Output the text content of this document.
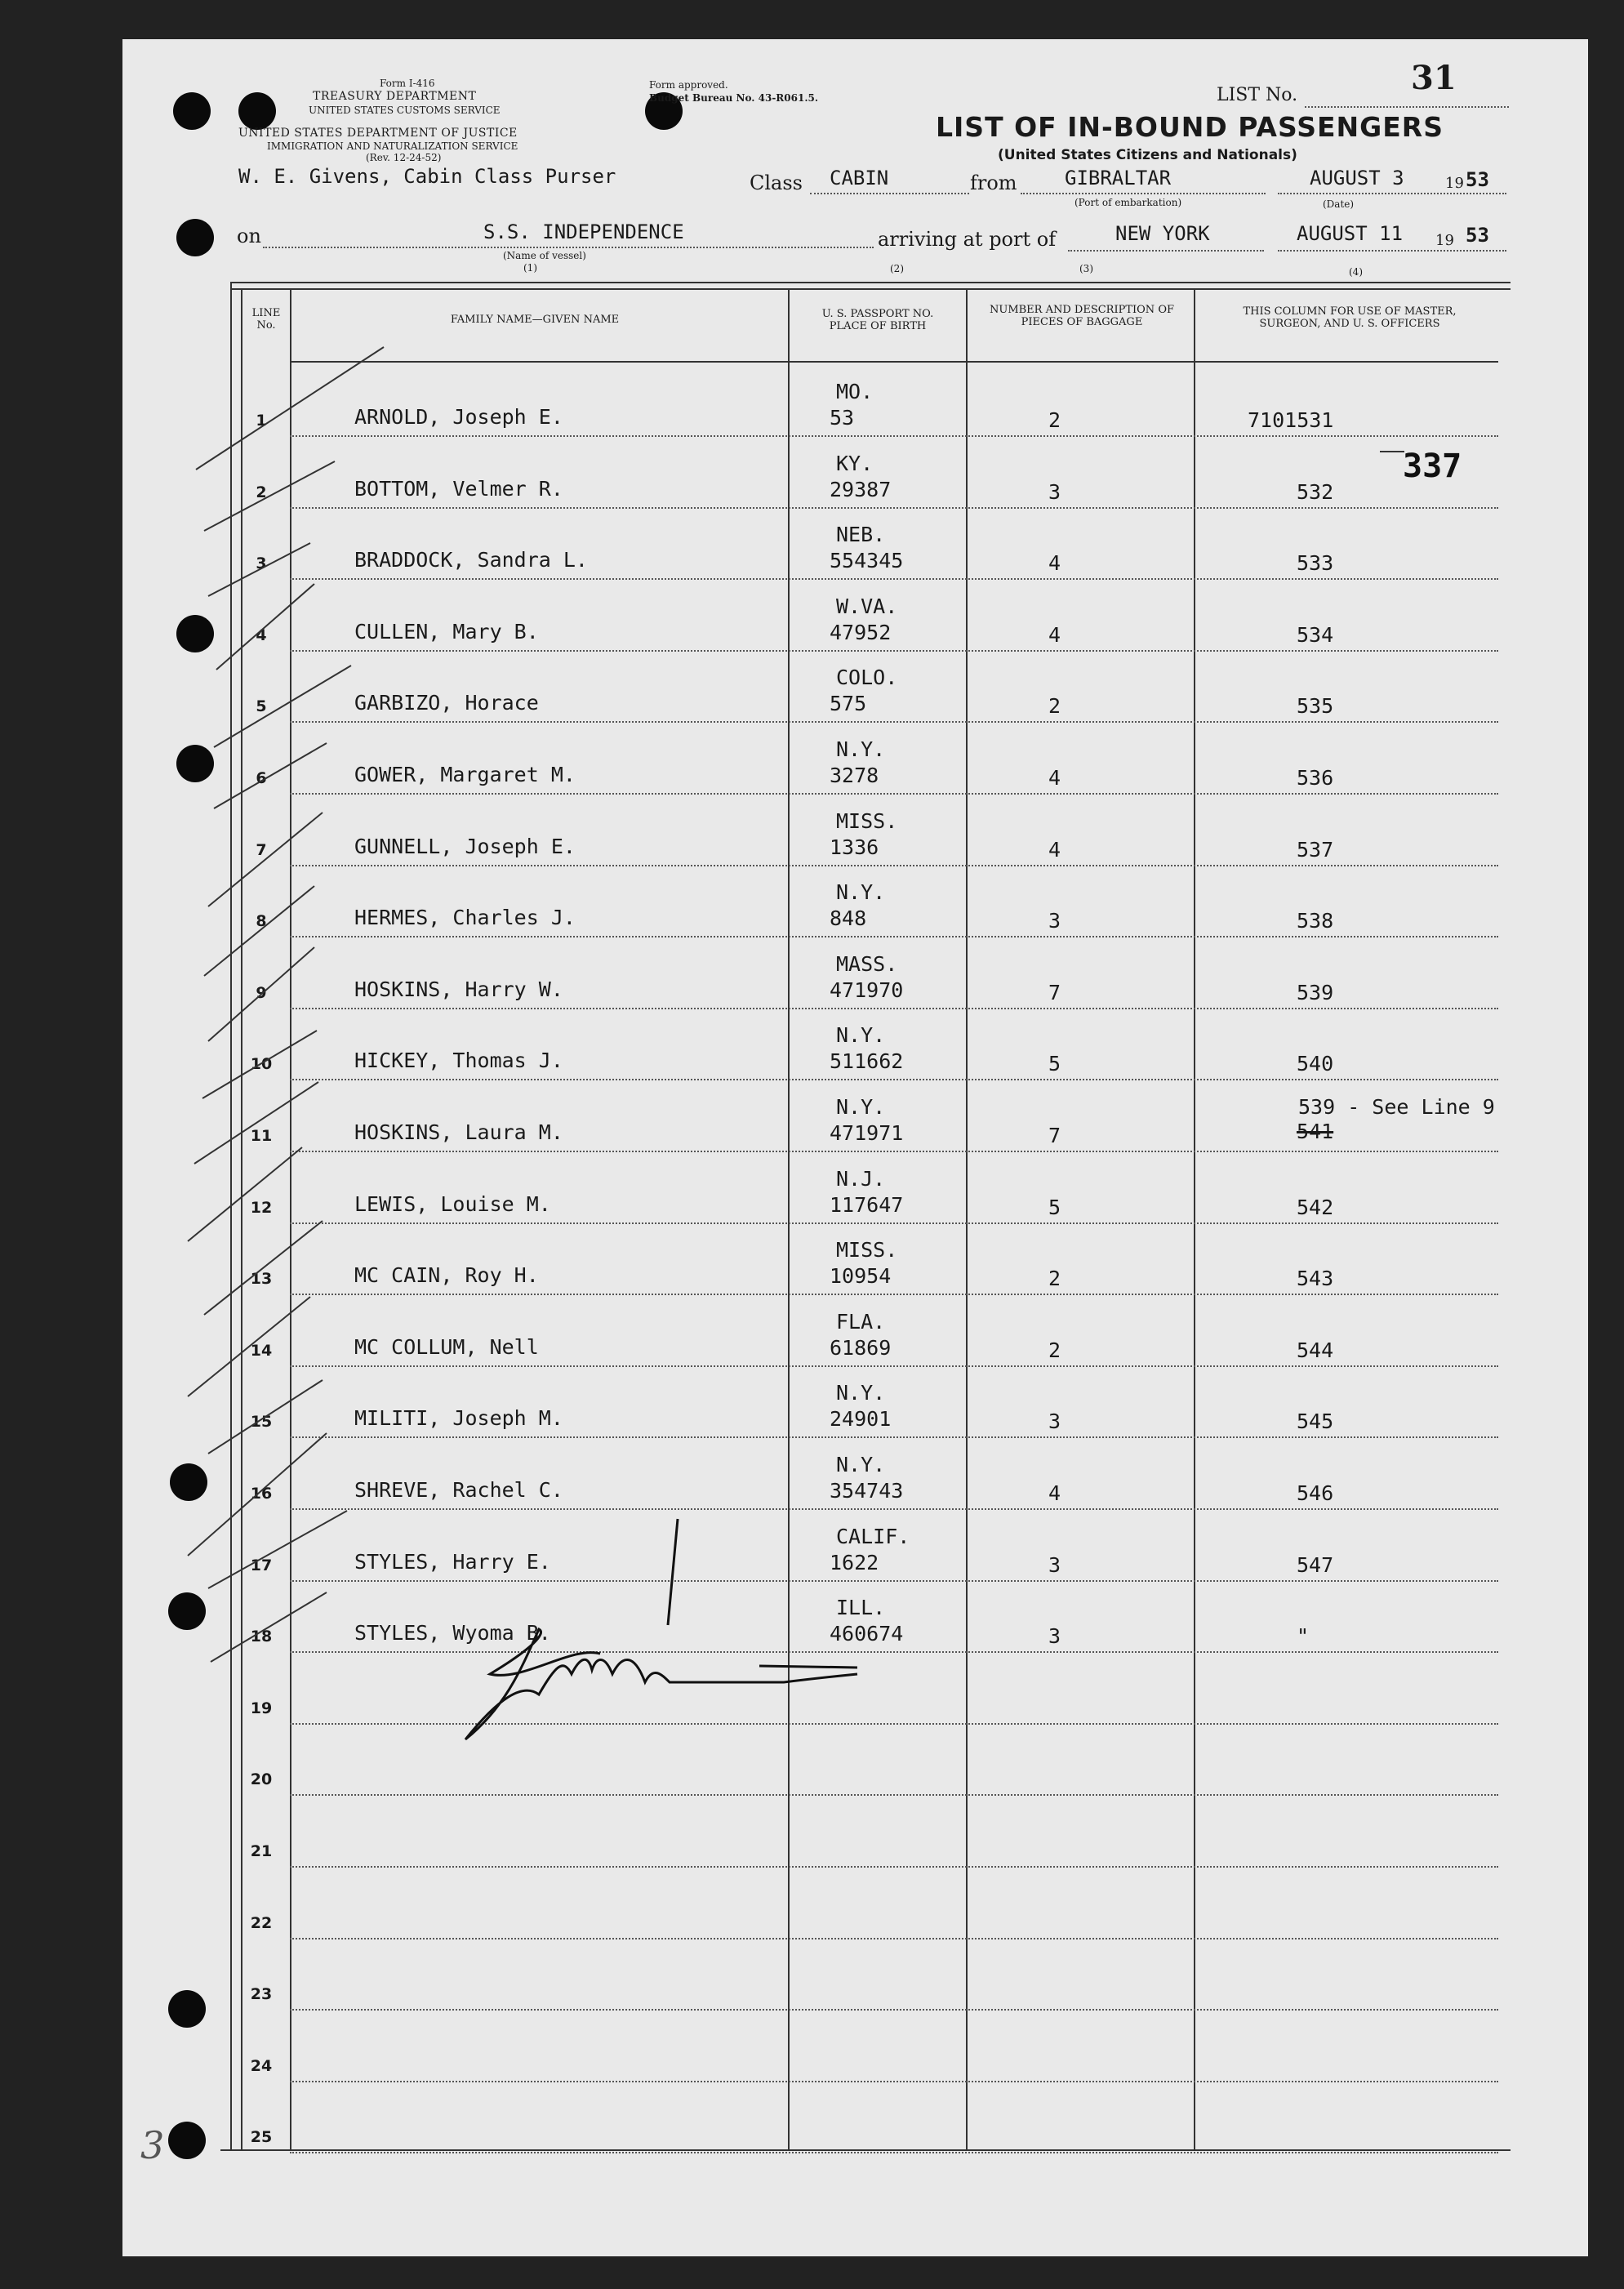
Form I-416
TREASURY DEPARTMENT
UNITED STATES CUSTOMS SERVICE
UNITED STATES DEPARTMENT OF JUSTICE
IMMIGRATION AND NATURALIZATION SERVICE
(Rev. 12-24-52)
Form approved.
Budget Bureau No. 43-R061.5.
LIST OF IN-BOUND PASSENGERS
(United States Citizens and Nationals)
LIST No.	31
W. E. Givens, Cabin Class Purser	Class CABIN	from GIBRALTAR
(Port of embarkation)
AUGUST 3	19 53
(Date)
on	S.S. INDEPENDENCE
(Name of vessel)
(1)
arriving at port of	NEW YORK	AUGUST 11 19 53
(2)	(3)	(4)
LINE No.	FAMILY NAME—GIVEN NAME	U. S. PASSPORT NO. PLACE OF BIRTH
NUMBER AND DESCRIPTION OF PIECES OF BAGGAGE
THIS COLUMN FOR USE OF MASTER, SURGEON, AND U. S. OFFICERS
337
3
1	ARNOLD, Joseph E.
MO.
53	2	7101531
2	BOTTOM, Velmer R.
KY.
29387	3	532
3	BRADDOCK, Sandra L.
NEB.
554345	4	533
4	CULLEN, Mary B.
W.VA.
47952	4	534
5	GARBIZO, Horace
COLO.
575	2	535
6	GOWER, Margaret M.
N.Y.
3278	4	536
7	GUNNELL, Joseph E.
MISS.
1336	4	537
8	HERMES, Charles J.
N.Y.
848	3	538
9	HOSKINS, Harry W.
MASS.
471970	7	539
10	HICKEY, Thomas J.
N.Y.
511662	5	540
11	HOSKINS, Laura M.
N.Y.
471971	7
539 - See Line 9
541
12	LEWIS, Louise M.
N.J.
117647	5	542
13	MC CAIN, Roy H.
MISS.
10954	2	543
14	MC COLLUM, Nell
FLA.
61869	2	544
15	MILITI, Joseph M.
N.Y.
24901	3	545
16	SHREVE, Rachel C.
N.Y.
354743	4	546
17	STYLES, Harry E.
CALIF.
1622	3	547
18	STYLES, Wyoma B.
ILL.
460674	3	"
19
20
21
22
23
24
25
